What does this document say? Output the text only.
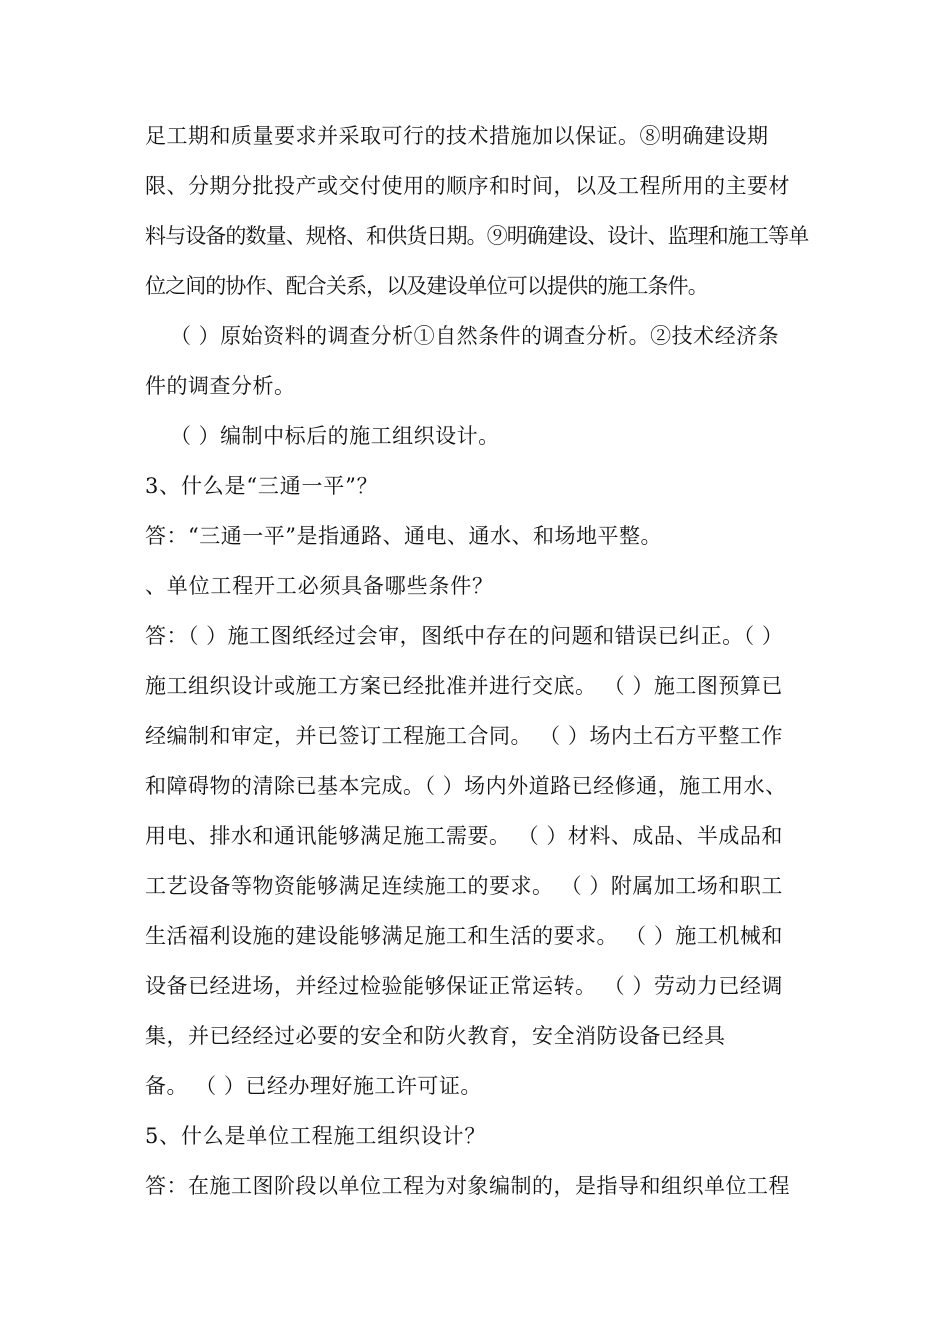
足工期和质量要求并采取可行的技术措施加以保证。⑧明确建设期
限、分期分批投产或交付使用的顺序和时间，以及工程所用的主要材
料与设备的数量、规格、和供货日期。⑨明确建设、设计、监理和施工等单
位之间的协作、配合关系，以及建设单位可以提供的施工条件。
（ ）原始资料的调查分析①自然条件的调查分析。②技术经济条
件的调查分析。
（ ）编制中标后的施工组织设计。
3、什么是“三通一平”？
答：“三通一平”是指通路、通电、通水、和场地平整。
、单位工程开工必须具备哪些条件？
答：（ ）施工图纸经过会审，图纸中存在的问题和错误已纠正。（ ）
施工组织设计或施工方案已经批准并进行交底。 （ ）施工图预算已
经编制和审定，并已签订工程施工合同。 （ ）场内土石方平整工作
和障碍物的清除已基本完成。（ ）场内外道路已经修通，施工用水、
用电、排水和通讯能够满足施工需要。 （ ）材料、成品、半成品和
工艺设备等物资能够满足连续施工的要求。 （ ）附属加工场和职工
生活福利设施的建设能够满足施工和生活的要求。 （ ）施工机械和
设备已经进场，并经过检验能够保证正常运转。 （ ）劳动力已经调
集，并已经经过必要的安全和防火教育，安全消防设备已经具
备。 （ ）已经办理好施工许可证。
5、什么是单位工程施工组织设计？
答：在施工图阶段以单位工程为对象编制的，是指导和组织单位工程
